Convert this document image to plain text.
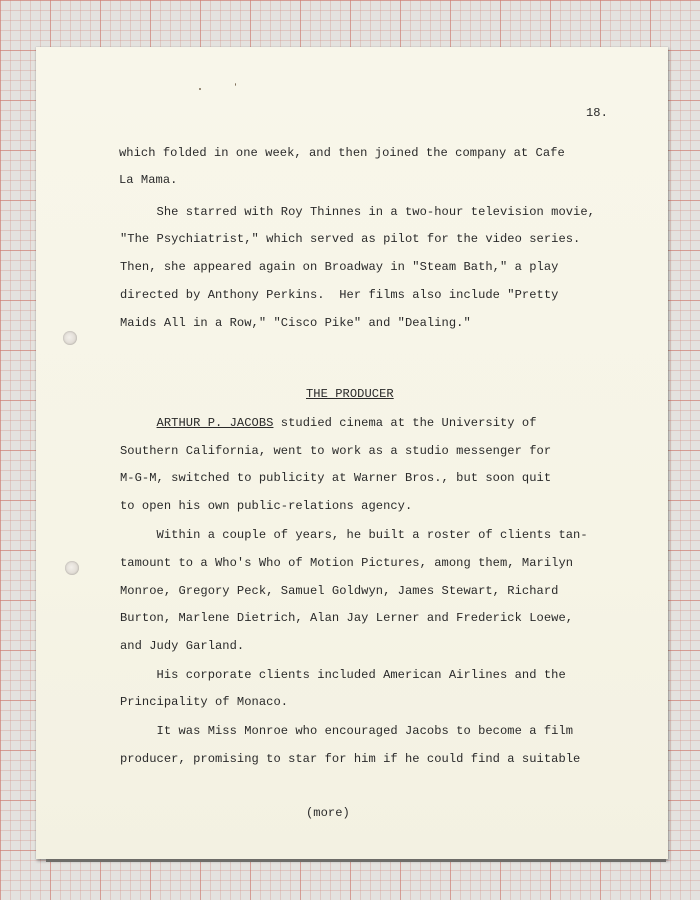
18.
which folded in one week, and then joined the company at Cafe
La Mama.
She starred with Roy Thinnes in a two-hour television movie,
"The Psychiatrist," which served as pilot for the video series.
Then, she appeared again on Broadway in "Steam Bath," a play
directed by Anthony Perkins.  Her films also include "Pretty
Maids All in a Row," "Cisco Pike" and "Dealing."
THE PRODUCER
ARTHUR P. JACOBS studied cinema at the University of
Southern California, went to work as a studio messenger for
M-G-M, switched to publicity at Warner Bros., but soon quit
to open his own public-relations agency.
Within a couple of years, he built a roster of clients tan-
tamount to a Who's Who of Motion Pictures, among them, Marilyn
Monroe, Gregory Peck, Samuel Goldwyn, James Stewart, Richard
Burton, Marlene Dietrich, Alan Jay Lerner and Frederick Loewe,
and Judy Garland.
His corporate clients included American Airlines and the
Principality of Monaco.
It was Miss Monroe who encouraged Jacobs to become a film
producer, promising to star for him if he could find a suitable
(more)
